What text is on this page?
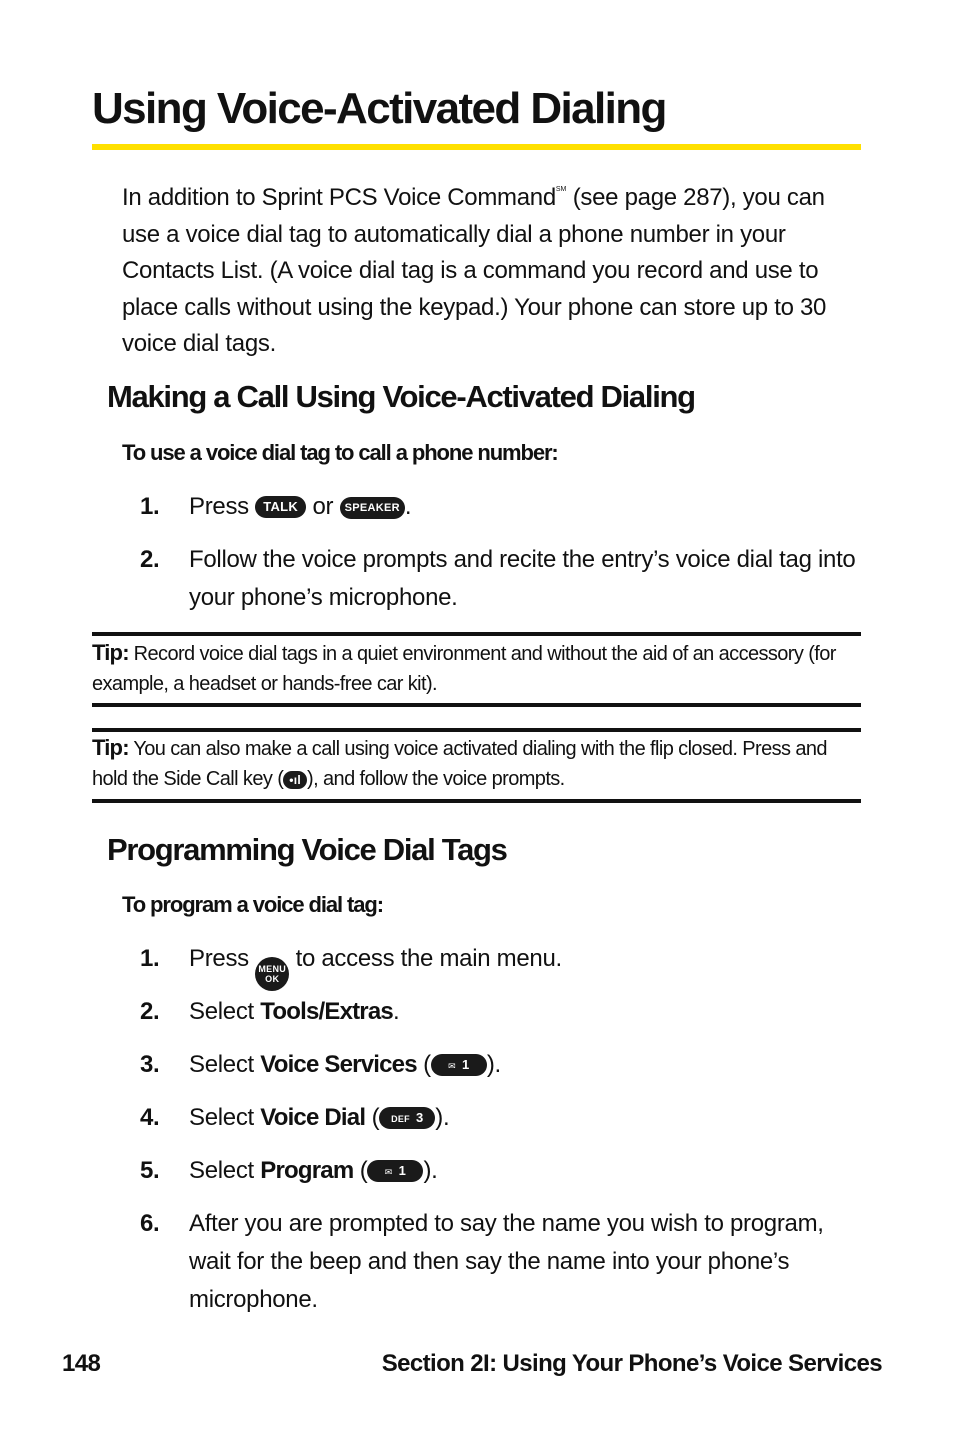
Using Voice-Activated Dialing

In addition to Sprint PCS Voice Command℠ (see page 287), you can use a voice dial tag to automatically dial a phone number in your Contacts List. (A voice dial tag is a command you record and use to place calls without using the keypad.) Your phone can store up to 30 voice dial tags.

Making a Call Using Voice-Activated Dialing
To use a voice dial tag to call a phone number:
1.	Press TALK or SPEAKER .
2.	Follow the voice prompts and recite the entry’s voice dial tag into your phone’s microphone.

Tip: Record voice dial tags in a quiet environment and without the aid of an accessory (for example, a headset or hands-free car kit).

Tip: You can also make a call using voice activated dialing with the flip closed. Press and hold the Side Call key ( •ıl ), and follow the voice prompts.

Programming Voice Dial Tags
To program a voice dial tag:
1.	Press MENU
OK
to access the main menu.
2.	Select Tools/Extras.
3.	Select Voice Services ( ✉ 1 ).
4.	Select Voice Dial ( DEF 3 ).
5.	Select Program ( ✉ 1 ).
6.	After you are prompted to say the name you wish to program, wait for the beep and then say the name into your phone’s microphone.
148	Section 2I: Using Your Phone’s Voice Services
